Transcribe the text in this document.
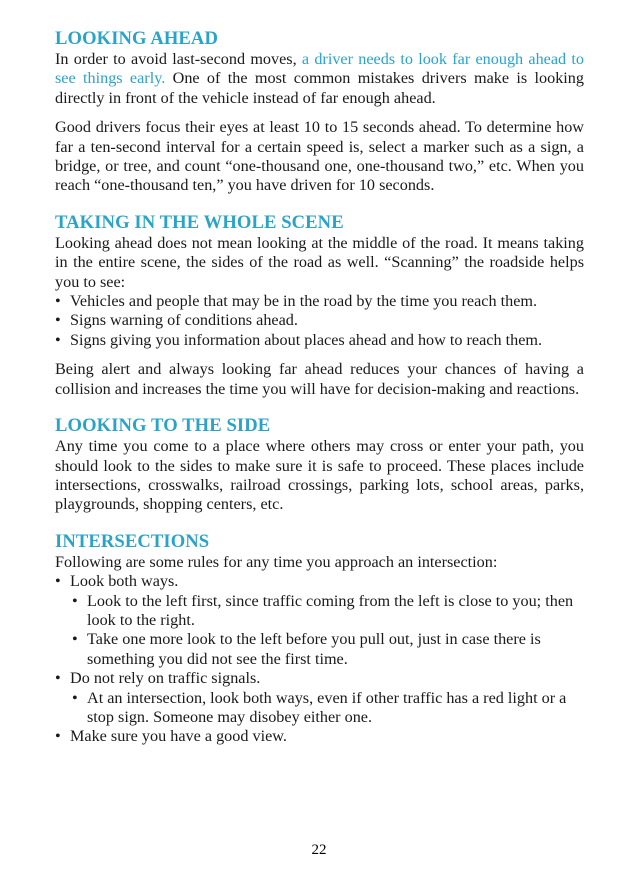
LOOKING AHEAD

In order to avoid last-second moves, a driver needs to look far enough ahead to see things early. One of the most common mistakes drivers make is looking directly in front of the vehicle instead of far enough ahead.

Good drivers focus their eyes at least 10 to 15 seconds ahead. To determine how far a ten-second interval for a certain speed is, select a marker such as a sign, a bridge, or tree, and count “one-thousand one, one-thousand two,” etc. When you reach “one-thousand ten,” you have driven for 10 seconds.

TAKING IN THE WHOLE SCENE

Looking ahead does not mean looking at the middle of the road. It means taking in the entire scene, the sides of the road as well. “Scanning” the roadside helps you to see:

• Vehicles and people that may be in the road by the time you reach them.
• Signs warning of conditions ahead.
• Signs giving you information about places ahead and how to reach them.

Being alert and always looking far ahead reduces your chances of having a collision and increases the time you will have for decision-making and reactions.

LOOKING TO THE SIDE

Any time you come to a place where others may cross or enter your path, you should look to the sides to make sure it is safe to proceed. These places include intersections, crosswalks, railroad crossings, parking lots, school areas, parks, playgrounds, shopping centers, etc.

INTERSECTIONS

Following are some rules for any time you approach an intersection:

• Look both ways.
• Look to the left first, since traffic coming from the left is close to you; then look to the right.
• Take one more look to the left before you pull out, just in case there is something you did not see the first time.
• Do not rely on traffic signals.
• At an intersection, look both ways, even if other traffic has a red light or a stop sign. Someone may disobey either one.
• Make sure you have a good view.
22
